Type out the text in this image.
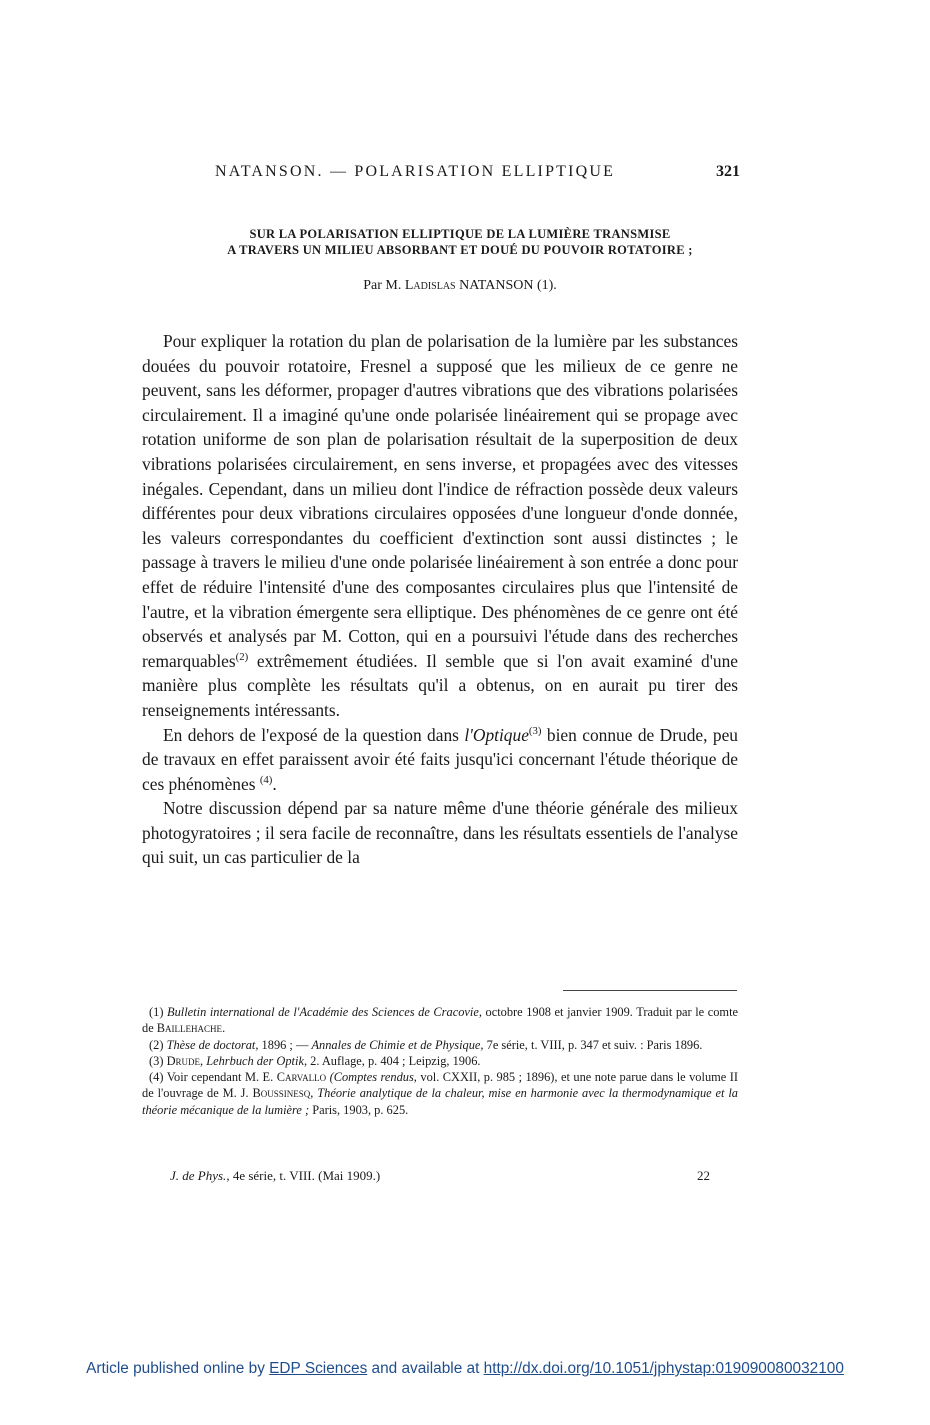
NATANSON. — POLARISATION ELLIPTIQUE	321
SUR LA POLARISATION ELLIPTIQUE DE LA LUMIÈRE TRANSMISE
A TRAVERS UN MILIEU ABSORBANT ET DOUÉ DU POUVOIR ROTATOIRE ;
Par M. Ladislas NATANSON (1).

Pour expliquer la rotation du plan de polarisation de la lumière par les substances douées du pouvoir rotatoire, Fresnel a supposé que les milieux de ce genre ne peuvent, sans les déformer, propager d'autres vibrations que des vibrations polarisées circulairement. Il a imaginé qu'une onde polarisée linéairement qui se propage avec rotation uniforme de son plan de polarisation résultait de la superposition de deux vibrations polarisées circulairement, en sens inverse, et propagées avec des vitesses inégales. Cependant, dans un milieu dont l'indice de réfraction possède deux valeurs différentes pour deux vibrations circulaires opposées d'une longueur d'onde donnée, les valeurs correspondantes du coefficient d'extinction sont aussi distinctes ; le passage à travers le milieu d'une onde polarisée linéairement à son entrée a donc pour effet de réduire l'intensité d'une des composantes circulaires plus que l'intensité de l'autre, et la vibration émergente sera elliptique. Des phénomènes de ce genre ont été observés et analysés par M. Cotton, qui en a poursuivi l'étude dans des recherches remarquables$^{(2)}$ extrêmement étudiées. Il semble que si l'on avait examiné d'une manière plus complète les résultats qu'il a obtenus, on en aurait pu tirer des renseignements intéressants.

En dehors de l'exposé de la question dans l'Optique$^{(3)}$ bien connue de Drude, peu de travaux en effet paraissent avoir été faits jusqu'ici concernant l'étude théorique de ces phénomènes $^{(4)}$.

Notre discussion dépend par sa nature même d'une théorie générale des milieux photogyratoires ; il sera facile de reconnaître, dans les résultats essentiels de l'analyse qui suit, un cas particulier de la

(1) Bulletin international de l'Académie des Sciences de Cracovie, octobre 1908 et janvier 1909. Traduit par le comte de Baillehache.

(2) Thèse de doctorat, 1896 ; — Annales de Chimie et de Physique, 7e série, t. VIII, p. 347 et suiv. : Paris 1896.

(3) Drude, Lehrbuch der Optik, 2. Auflage, p. 404 ; Leipzig, 1906.

(4) Voir cependant M. E. Carvallo (Comptes rendus, vol. CXXII, p. 985 ; 1896), et une note parue dans le volume II de l'ouvrage de M. J. Boussinesq, Théorie analytique de la chaleur, mise en harmonie avec la thermodynamique et la théorie mécanique de la lumière ; Paris, 1903, p. 625.

J. de Phys., 4e série, t. VIII. (Mai 1909.)	22
Article published online by EDP Sciences and available at http://dx.doi.org/10.1051/jphystap:019090080032100
